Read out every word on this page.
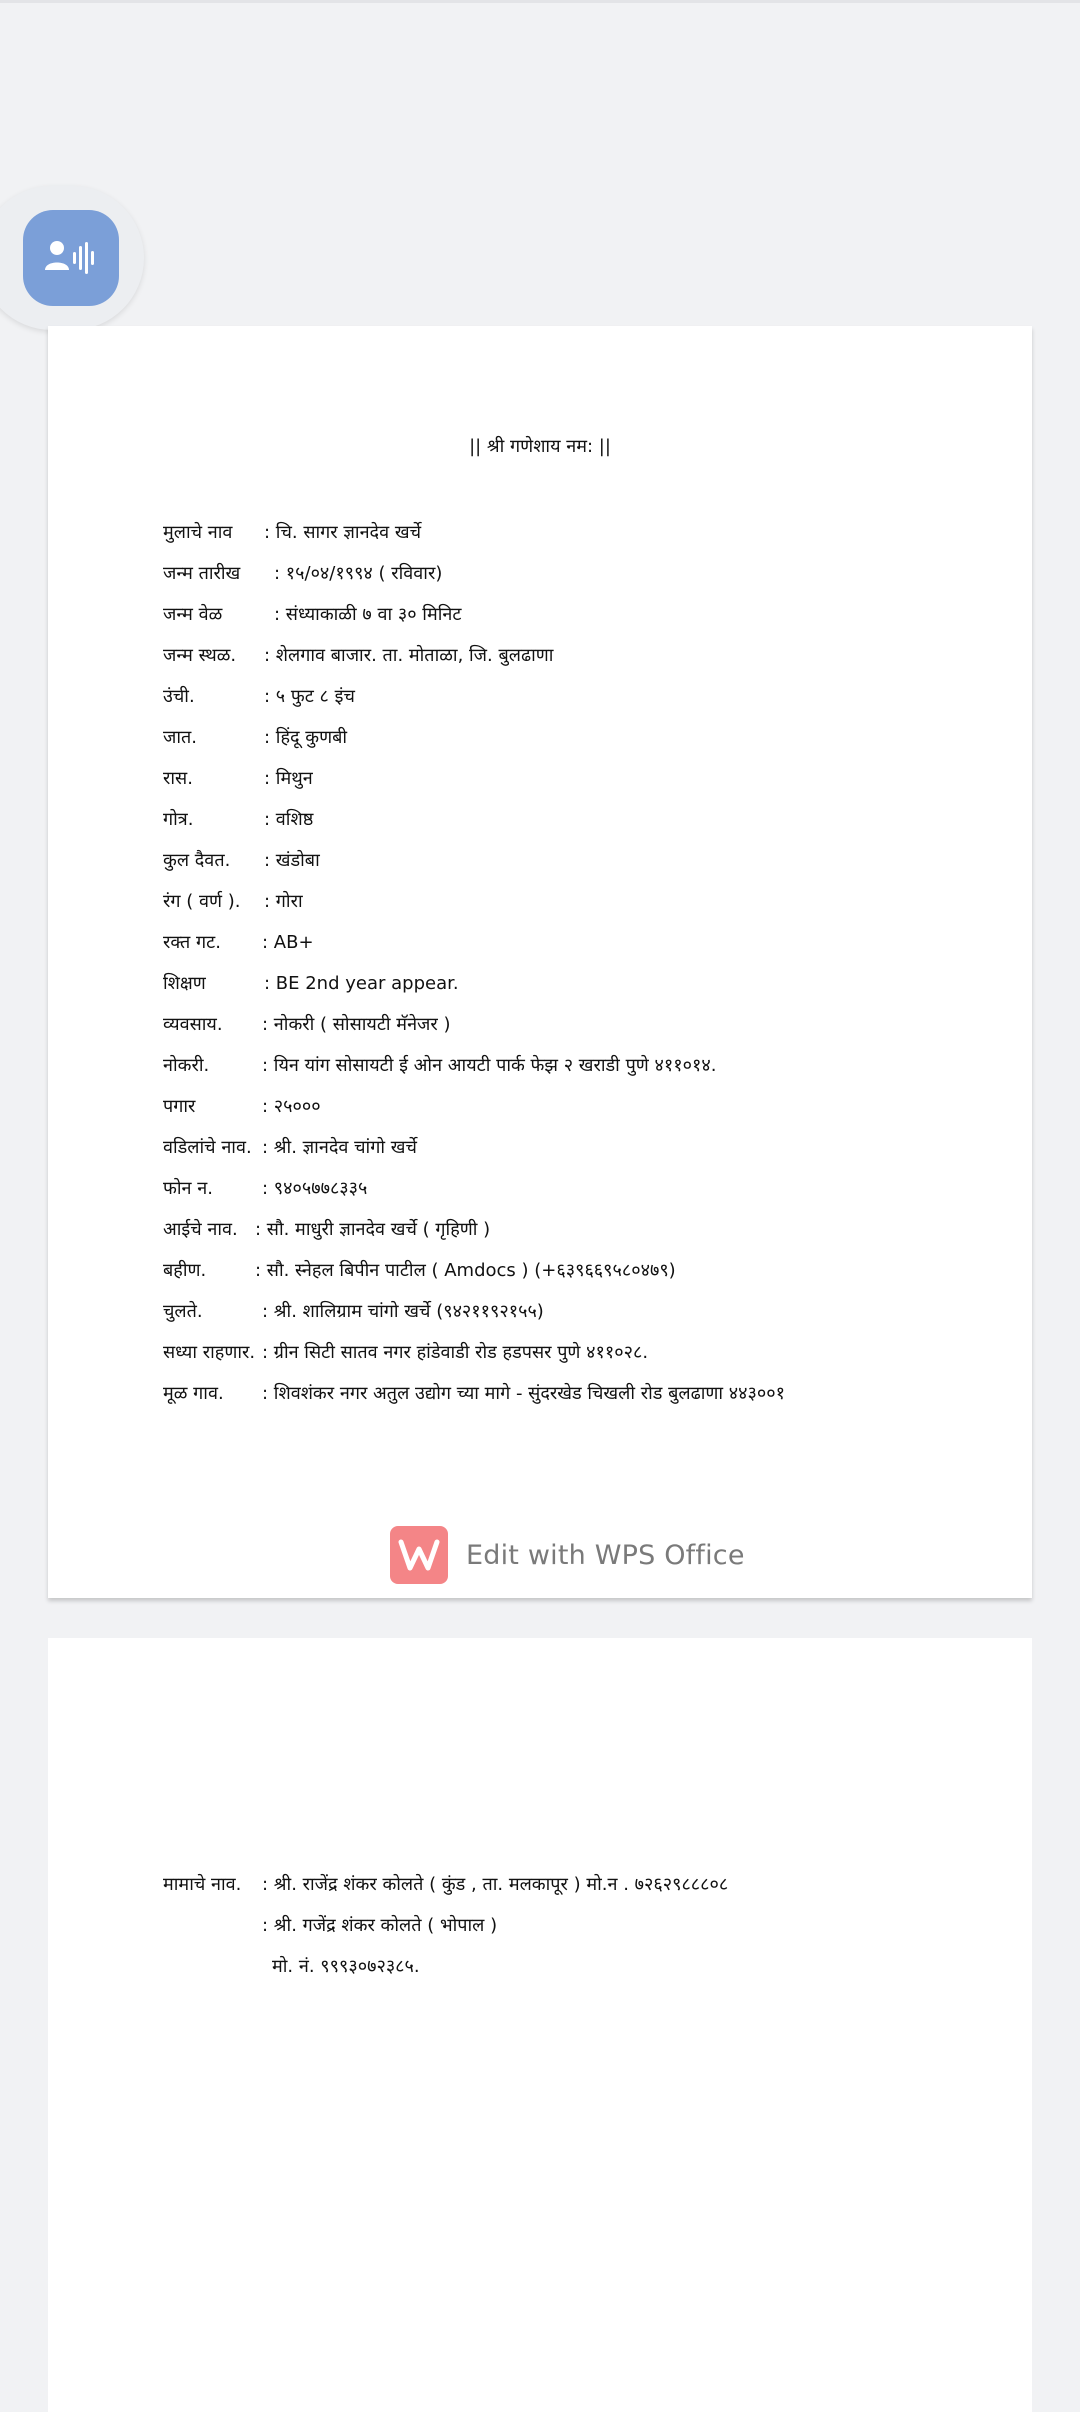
|| श्री गणेशाय नम: ||
मुलाचे नाव : चि. सागर ज्ञानदेव खर्चे
जन्म तारीख : १५/०४/१९९४ ( रविवार)
जन्म वेळ	: संध्याकाळी ७ वा ३० मिनिट
जन्म स्थळ. : शेलगाव बाजार. ता. मोताळा, जि. बुलढाणा
उंची.	: ५ फुट ८ इंच
जात.	: हिंदू कुणबी
रास.	: मिथुन
गोत्र.	: वशिष्ठ
कुल दैवत. : खंडोबा
रंग ( वर्ण ). : गोरा
रक्त गट. : AB+
शिक्षण	: BE 2nd year appear.
व्यवसाय. : नोकरी ( सोसायटी मॅनेजर )
नोकरी.	: यिन यांग सोसायटी ई ओन आयटी पार्क फेझ २ खराडी पुणे ४११०१४.
पगार	: २५०००
वडिलांचे नाव. : श्री. ज्ञानदेव चांगो खर्चे
फोन न.	: ९४०५७७८३३५
आईचे नाव. : सौ. माधुरी ज्ञानदेव खर्चे ( गृहिणी )
बहीण.	: सौ. स्नेहल बिपीन पाटील ( Amdocs ) (+६३९६६९५८०४७९)
चुलते.	: श्री. शालिग्राम चांगो खर्चे (९४२११९२१५५)
सध्या राहणार. : ग्रीन सिटी सातव नगर हांडेवाडी रोड हडपसर पुणे ४११०२८.
मूळ गाव. : शिवशंकर नगर अतुल उद्योग च्या मागे - सुंदरखेड चिखली रोड बुलढाणा ४४३००१
Edit with WPS Office
मामाचे नाव. : श्री. राजेंद्र शंकर कोलते ( कुंड , ता. मलकापूर ) मो.न . ७२६२९८८८०८
: श्री. गजेंद्र शंकर कोलते ( भोपाल )
मो. नं. ९९९३०७२३८५.
